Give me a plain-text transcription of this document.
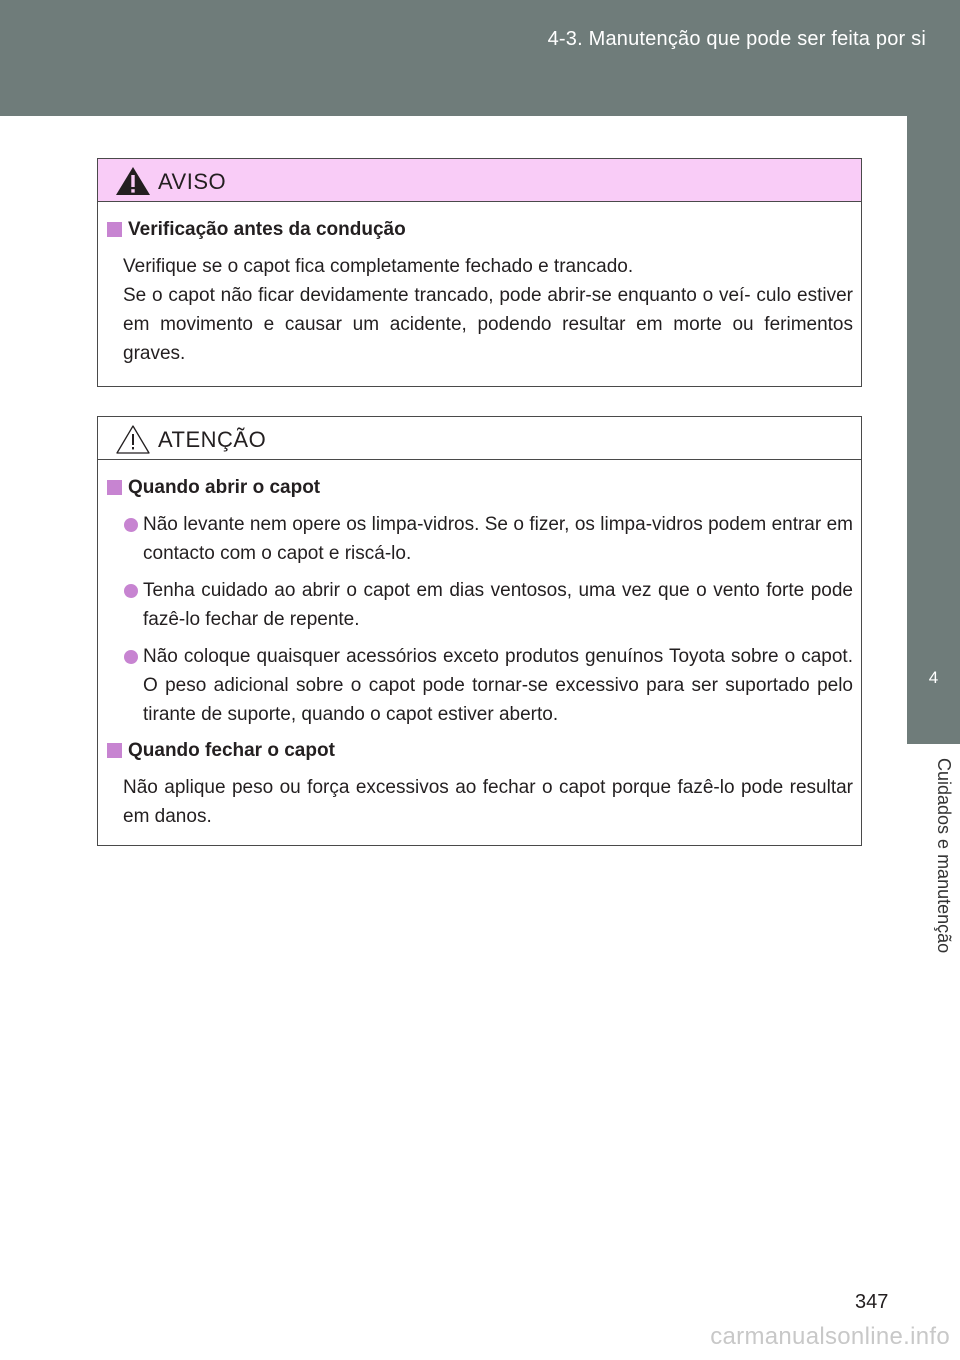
4-3. Manutenção que pode ser feita por si
4
Cuidados e manutenção
AVISO
Verificação antes da condução
Verifique se o capot fica completamente fechado e trancado.
Se o capot não ficar devidamente trancado, pode abrir-se enquanto o veí- culo estiver em movimento e causar um acidente, podendo resultar em morte ou ferimentos graves.
ATENÇÃO
Quando abrir o capot
Não levante nem opere os limpa-vidros. Se o fizer, os limpa-vidros podem entrar em contacto com o capot e riscá-lo.
Tenha cuidado ao abrir o capot em dias ventosos, uma vez que o vento forte pode fazê-lo fechar de repente.
Não coloque quaisquer acessórios exceto produtos genuínos Toyota sobre o capot. O peso adicional sobre o capot pode tornar-se excessivo para ser suportado pelo tirante de suporte, quando o capot estiver aberto.
Quando fechar o capot
Não aplique peso ou força excessivos ao fechar o capot porque fazê-lo pode resultar em danos.
347
carmanualsonline.info
